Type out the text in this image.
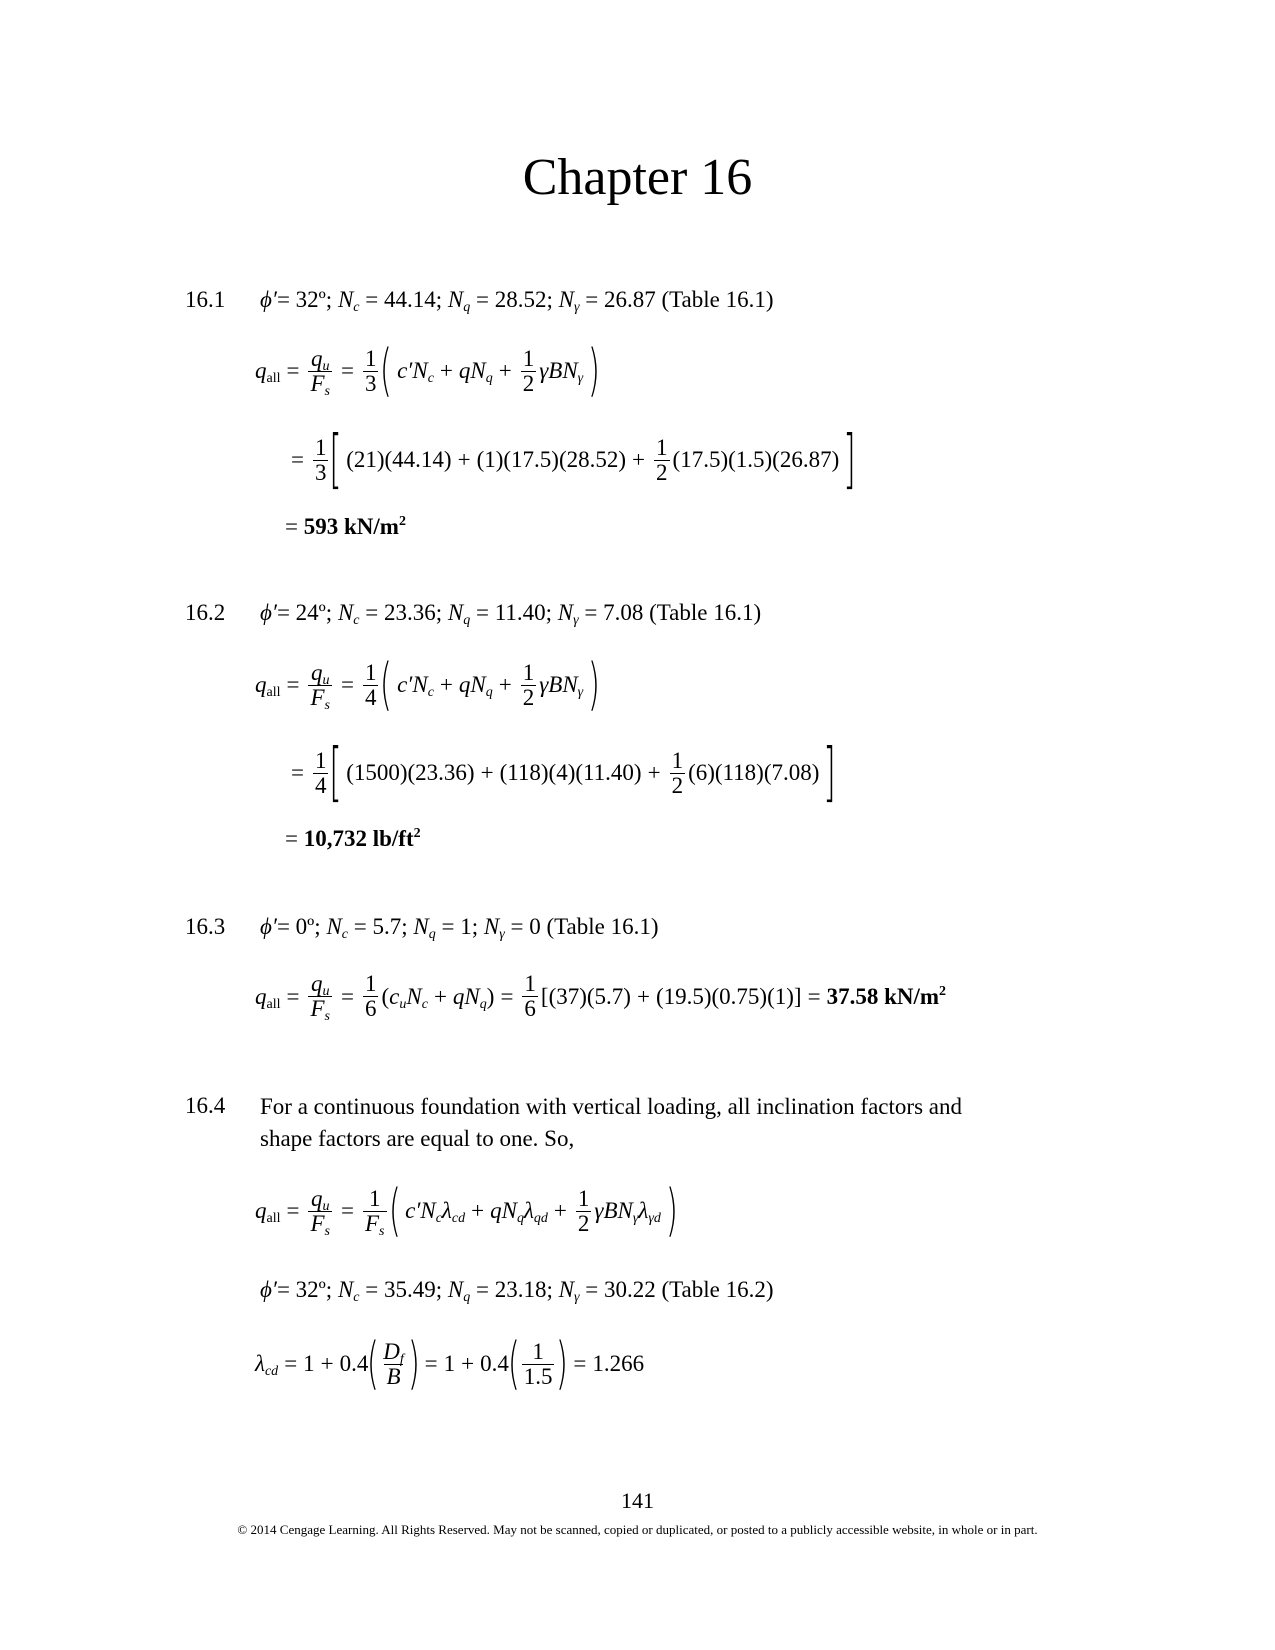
Chapter 16
16.1 ϕ′= 32º; $N_c = 44.14$; $N_q = 28.52$; $N_\gamma = 26.87$ (Table 16.1)
$q_{all} = \frac{q_u}{F_s} = \frac{1}{3}$ ( $c'N_c + qN_q + \frac{1}{2} \gamma BN_\gamma$ )
= $\frac{1}{3}$ [
$(21)(44.14) + (1)(17.5)(28.52) + \frac{1}{2} (17.5)(1.5)(26.87)$
]
= 593 $kN/m^2$
16.2 ϕ′= 24º; $N_c = 23.36$; $N_q = 11.40$; $N_\gamma = 7.08$ (Table 16.1)
$q_{all} = \frac{q_u}{F_s} = \frac{1}{4}$ ( $c'N_c + qN_q + \frac{1}{2} \gamma BN_\gamma$ )
= $\frac{1}{4}$ [
$(1500)(23.36) + (118)(4)(11.40) + \frac{1}{2} (6)(118)(7.08)$
]
= 10,732 $lb/ft^2$
16.3 ϕ′= 0º; $N_c = 5.7$; $N_q = 1$; $N_\gamma = 0$ (Table 16.1)
$q_{all} = \frac{q_u}{F_s} = \frac{1}{6} (c_uN_c + qN_q) = \frac{1}{6} [(37)(5.7) + (19.5)(0.75)(1)] = 37.58$ $kN/m^2$
16.4 For a continuous foundation with vertical loading, all inclination factors and shape factors are equal to one. So,
$q_{all} = \frac{q_u}{F_s} = \frac{1}{F_s}$ ( $c'N_c\lambda_{cd} + qN_q\lambda_{qd} + \frac{1}{2} \gamma BN_\gamma\lambda_{\gamma d}$ )
ϕ′= 32º; $N_c = 35.49$; $N_q = 23.18$; $N_\gamma = 30.22$ (Table 16.2)
$\lambda_{cd} = 1 + 0.4$
( $\frac{D_f}{B}$ ) = 1 + 0.4
( $\frac{1}{1.5}$ ) = 1.266
141
© 2014 Cengage Learning. All Rights Reserved. May not be scanned, copied or duplicated, or posted to a publicly accessible website, in whole or in part.
